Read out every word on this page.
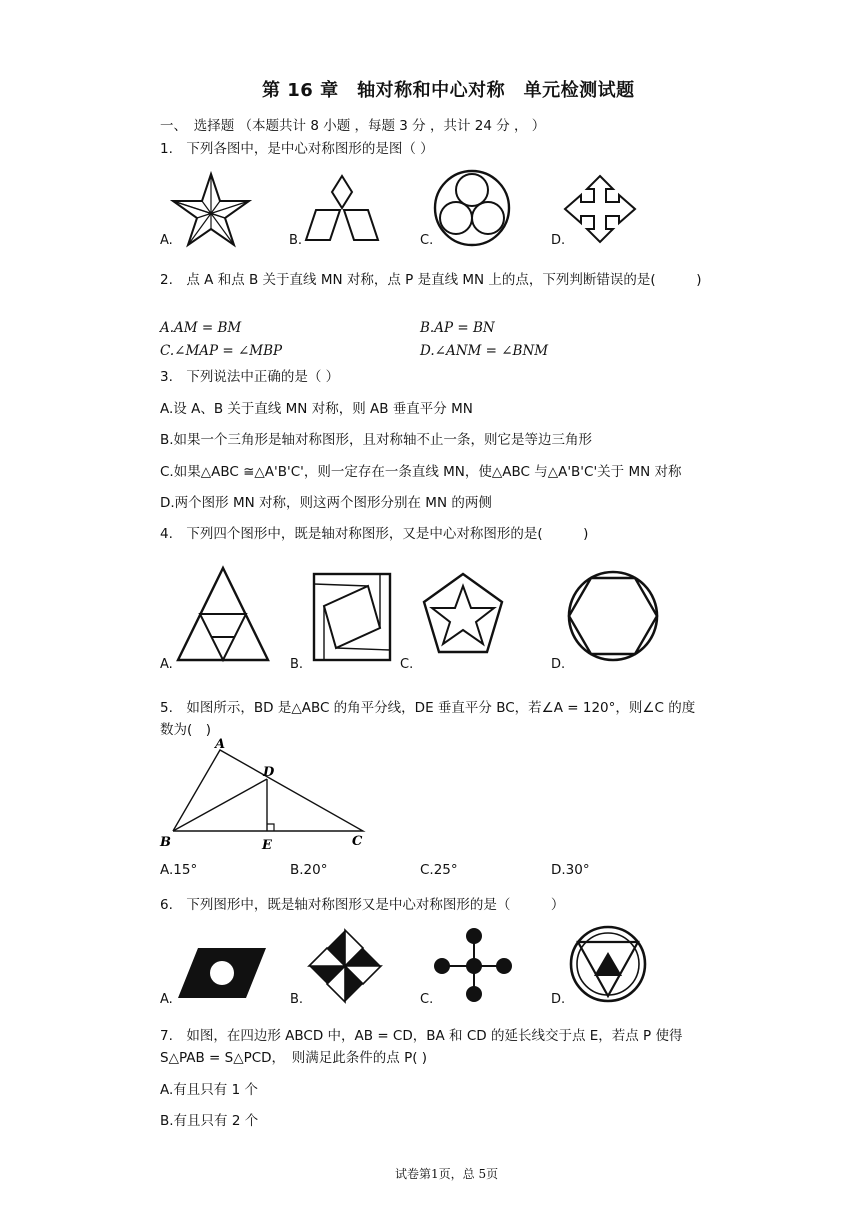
第 16 章　轴对称和中心对称　单元检测试题
一、　选择题 （本题共计 8 小题 ，每题 3 分 ，共计 24 分 ， ）
1.　下列各图中，是中心对称图形的是图（ ）
A.	B.	C.	D.
2.　点 A 和点 B 关于直线 MN 对称，点 P 是直线 MN 上的点，下列判断错误的是(　　　)
A.AM = BM	B.AP = BN
C.∠MAP = ∠MBP	D.∠ANM = ∠BNM
3.　下列说法中正确的是（ ）
A.设 A、B 关于直线 MN 对称，则 AB 垂直平分 MN
B.如果一个三角形是轴对称图形，且对称轴不止一条，则它是等边三角形
C.如果△ABC ≅△A'B'C'，则一定存在一条直线 MN，使△ABC 与△A'B'C'关于 MN 对称
D.两个图形 MN 对称，则这两个图形分别在 MN 的两侧
4.　下列四个图形中，既是轴对称图形，又是中心对称图形的是(　　　)
A.	B.	C.	D.
5.　如图所示，BD 是△ABC 的角平分线，DE 垂直平分 BC，若∠A = 120°，则∠C 的度
数为(　)
A
D
B	E	C
A.15°	B.20°	C.25°	D.30°
6.　下列图形中，既是轴对称图形又是中心对称图形的是（　　　）
A.	B.	C.	D.
7.　如图，在四边形 ABCD 中，AB = CD，BA 和 CD 的延长线交于点 E，若点 P 使得
S△PAB = S△PCD，　则满足此条件的点 P( )
A.有且只有 1 个
B.有且只有 2 个
试卷第1页，总 5页
